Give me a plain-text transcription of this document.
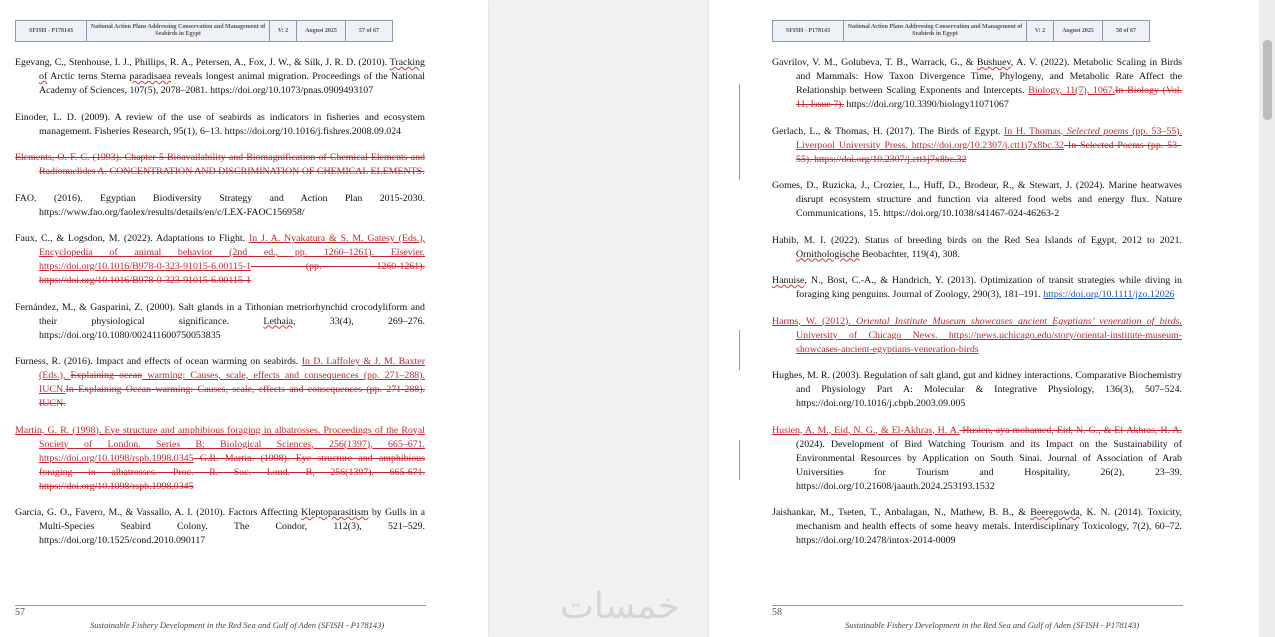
SFISH - P178143	National Action Plans Addressing Conservation and Management of Seabirds in Egypt	V: 2	August 2025	57 of 67

Egevang, C., Stenhouse, I. J., Phillips, R. A., Petersen, A., Fox, J. W., & Silk, J. R. D. (2010). Tracking of Arctic terns Sterna paradisaea reveals longest animal migration. Proceedings of the National Academy of Sciences, 107(5), 2078–2081. https://doi.org/10.1073/pnas.0909493107

Einoder, L. D. (2009). A review of the use of seabirds as indicators in fisheries and ecosystem management. Fisheries Research, 95(1), 6–13. https://doi.org/10.1016/j.fishres.2008.09.024

Elements, O. F. C. (1993). Chapter 5 Bioavailability and Biomagnification of Chemical Elements and Radionuclides A. CONCENTRATION AND DISCRIMINATION OF CHEMICAL ELEMENTS.

FAO. (2016). Egyptian Biodiversity Strategy and Action Plan 2015-2030. https://www.fao.org/faolex/results/details/en/c/LEX-FAOC156958/

Faux, C., & Logsdon, M. (2022). Adaptations to Flight. In J. A. Nyakatura & S. M. Gatesy (Eds.), Encyclopedia of animal behavior (2nd ed., pp. 1260–1261). Elsevier. https://doi.org/10.1016/B978-0-323-91015-6.00115-1 (pp. 1260-1261). https://doi.org/10.1016/B978-0-323-91015-6.00115-1

Fernández, M., & Gasparini, Z. (2000). Salt glands in a Tithonian metriorhynchid crocodyliform and their physiological significance. Lethaia, 33(4), 269–276. https://doi.org/10.1080/002411600750053835

Furness, R. (2016). Impact and effects of ocean warming on seabirds. In D. Laffoley & J. M. Baxter (Eds.), Explaining ocean warming: Causes, scale, effects and consequences (pp. 271–288). IUCN.In Explaining Ocean warming: Causes, scale, effects and consequences (pp. 271-288). IUCN.

Martin, G. R. (1998). Eye structure and amphibious foraging in albatrosses. Proceedings of the Royal Society of London. Series B: Biological Sciences, 256(1397), 665–671. https://doi.org/10.1098/rspb.1998.0345 G.R. Martin. (1998). Eye structure and amphibious foraging in albatrosses. Proc. R. Soc. Lond. B, 256(1397), 665-671. https://doi.org/10.1098/rspb.1998.0345

Garcia, G. O., Favero, M., & Vassallo, A. I. (2010). Factors Affecting Kleptoparasitism by Gulls in a Multi-Species Seabird Colony. The Condor, 112(3), 521–529. https://doi.org/10.1525/cond.2010.090117

57
Sustainable Fishery Development in the Red Sea and Gulf of Aden (SFISH - P178143)
SFISH - P178143	National Action Plans Addressing Conservation and Management of Seabirds in Egypt	V: 2	August 2025	58 of 67

Gavrilov, V. M., Golubeva, T. B., Warrack, G., & Bushuev, A. V. (2022). Metabolic Scaling in Birds and Mammals: How Taxon Divergence Time, Phylogeny, and Metabolic Rate Affect the Relationship between Scaling Exponents and Intercepts. Biology, 11(7), 1067.In Biology (Vol. 11, Issue 7). https://doi.org/10.3390/biology11071067

Gerlach, L., & Thomas, H. (2017). The Birds of Egypt. In H. Thomas, Selected poems (pp. 53–55). Liverpool University Press. https://doi.org/10.2307/j.ctt1j7x8bc.32 In Selected Poems (pp. 53–55). https://doi.org/10.2307/j.ctt1j7x8bc.32

Gomes, D., Ruzicka, J., Crozier, L., Huff, D., Brodeur, R., & Stewart, J. (2024). Marine heatwaves disrupt ecosystem structure and function via altered food webs and energy flux. Nature Communications, 15. https://doi.org/10.1038/s41467-024-46263-2

Habib, M. I. (2022). Status of breeding birds on the Red Sea Islands of Egypt, 2012 to 2021. Ornithologische Beobachter, 119(4), 308.

Hanuise, N., Bost, C.-A., & Handrich, Y. (2013). Optimization of transit strategies while diving in foraging king penguins. Journal of Zoology, 290(3), 181–191. https://doi.org/10.1111/jzo.12026

Harms, W. (2012). Oriental Institute Museum showcases ancient Egyptians’ veneration of birds. University of Chicago News. https://news.uchicago.edu/story/oriental-institute-museum-showcases-ancient-egyptians-veneration-birds

Hughes, M. R. (2003). Regulation of salt gland, gut and kidney interactions. Comparative Biochemistry and Physiology Part A: Molecular & Integrative Physiology, 136(3), 507–524. https://doi.org/10.1016/j.cbpb.2003.09.005

Husien, A. M., Eid, N. G., & El-Akhras, H. A. Husien, aya mohamed, Eid, N. G., & El-Akhras, H. A. (2024). Development of Bird Watching Tourism and its Impact on the Sustainability of Environmental Resources by Application on South Sinai. Journal of Association of Arab Universities for Tourism and Hospitality, 26(2), 23–39. https://doi.org/10.21608/jaauth.2024.253193.1532

Jaishankar, M., Tseten, T., Anbalagan, N., Mathew, B. B., & Beeregowda, K. N. (2014). Toxicity, mechanism and health effects of some heavy metals. Interdisciplinary Toxicology, 7(2), 60–72. https://doi.org/10.2478/intox-2014-0009

58
Sustainable Fishery Development in the Red Sea and Gulf of Aden (SFISH - P178143)
خمسات
